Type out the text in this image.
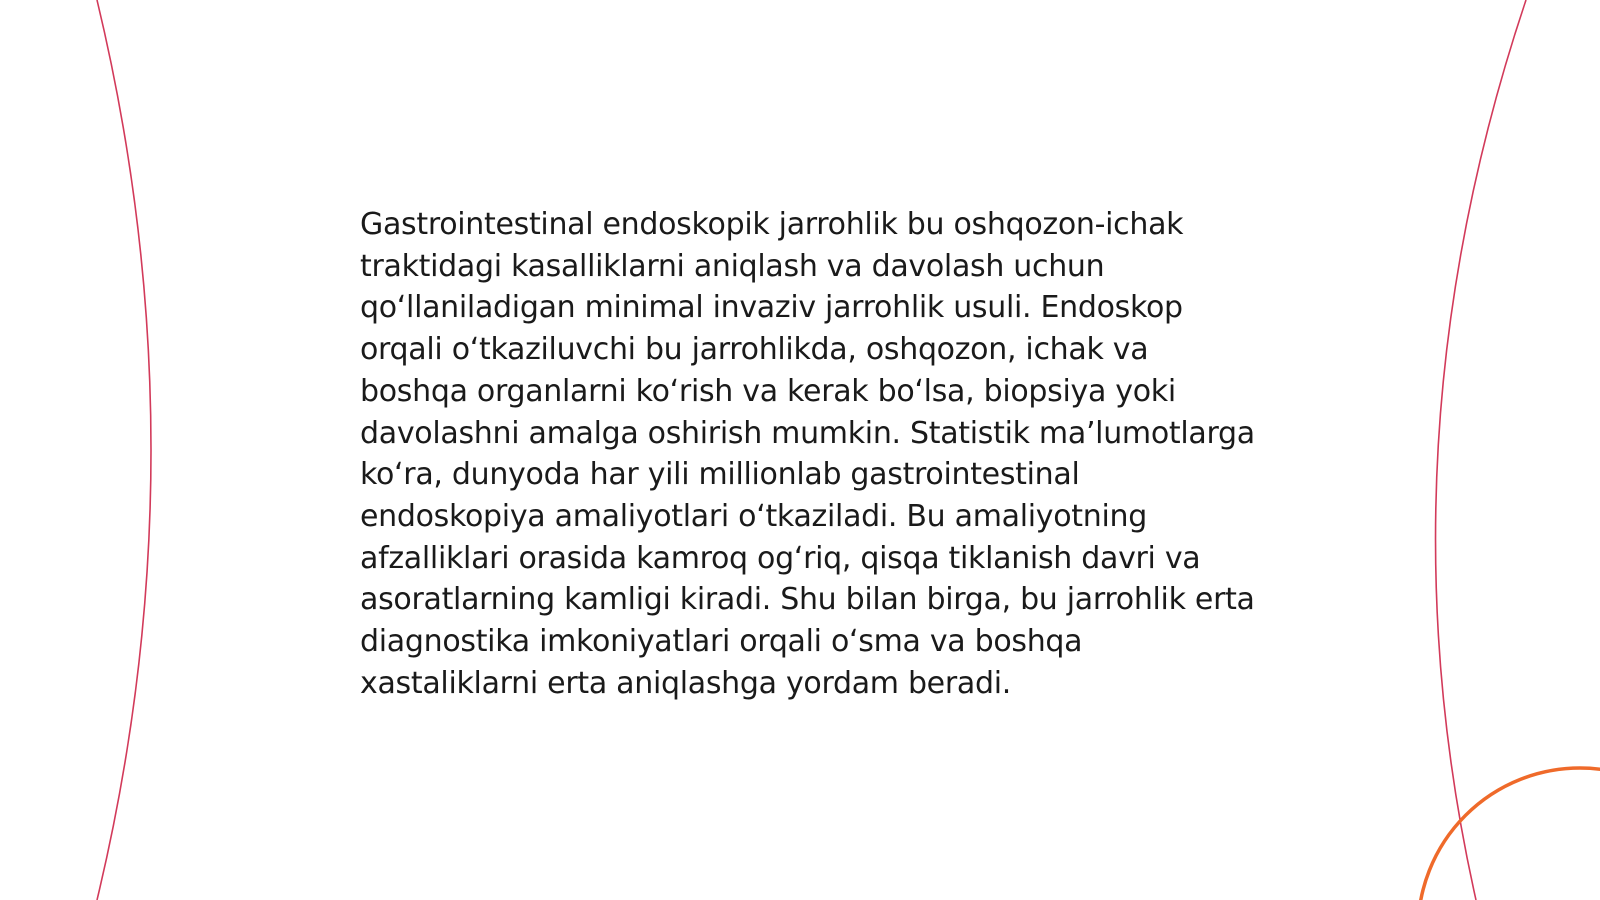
Gastrointestinal endoskopik jarrohlik bu oshqozon-ichak traktidagi kasalliklarni aniqlash va davolash uchun qo‘llaniladigan minimal invaziv jarrohlik usuli. Endoskop orqali o‘tkaziluvchi bu jarrohlikda, oshqozon, ichak va boshqa organlarni ko‘rish va kerak bo‘lsa, biopsiya yoki davolashni amalga oshirish mumkin. Statistik ma’lumotlarga ko‘ra, dunyoda har yili millionlab gastrointestinal endoskopiya amaliyotlari o‘tkaziladi. Bu amaliyotning afzalliklari orasida kamroq og‘riq, qisqa tiklanish davri va asoratlarning kamligi kiradi. Shu bilan birga, bu jarrohlik erta diagnostika imkoniyatlari orqali o‘sma va boshqa xastaliklarni erta aniqlashga yordam beradi.
